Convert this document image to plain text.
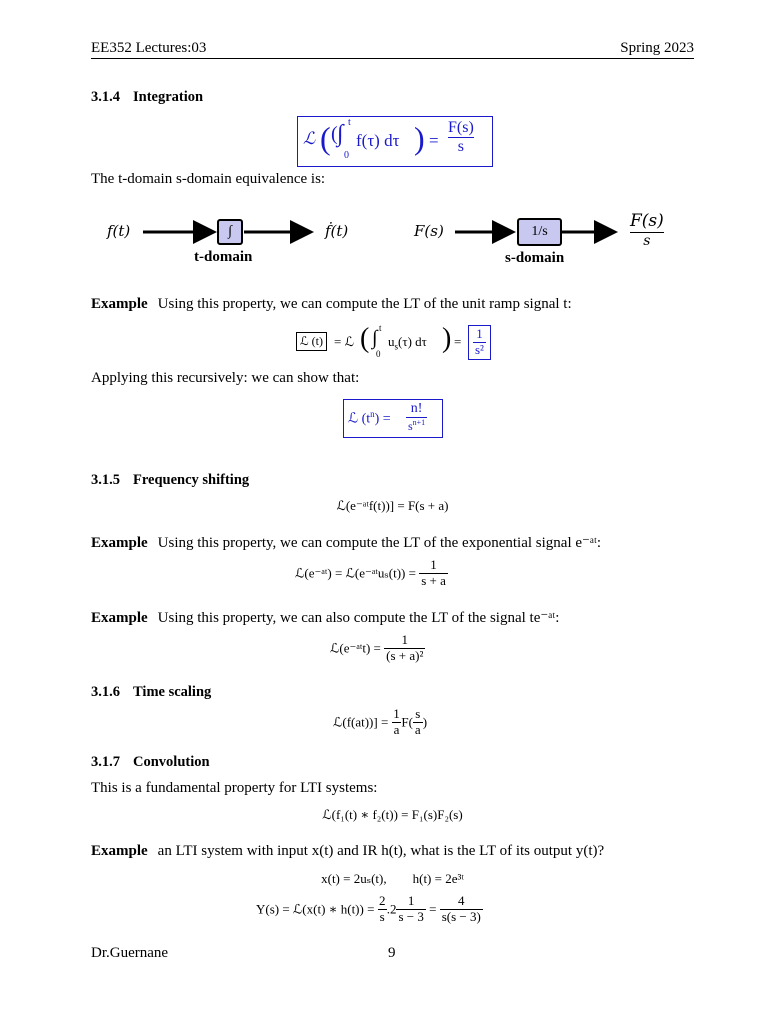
EE352 Lectures:03	Spring 2023
3.1.4 Integration
ℒ ( ( ∫ t
0
f(τ) dτ ) = $\frac{F(s)}{s}$
The t-domain s-domain equivalence is:
f(t)	∫	ḟ(t)
t-domain
F(s)	1/s
F(s)
s
s-domain
Example Using this property, we can compute the LT of the unit ramp signal t:
ℒ (t) = ℒ ( ∫ t
0
$u_s(\tau)$ dτ ) = $\frac{1}{\text{s²}}$
Applying this recursively: we can show that:
ℒ $(t^n) = \frac{n!}{s^{n+1}}$
3.1.5 Frequency shifting
ℒ(e⁻ᵃᵗf(t))] = F(s + a)
Example Using this property, we can compute the LT of the exponential signal e⁻ᵃᵗ:
ℒ(e⁻ᵃᵗ) = ℒ(e⁻ᵃᵗuₛ(t)) = $\frac{1}{s + a}$
Example Using this property, we can also compute the LT of the signal te⁻ᵃᵗ:
ℒ(e⁻ᵃᵗt) = $\frac{1}{\text{(s + a)²}}$
3.1.6 Time scaling
ℒ(f(at))] = $\frac{1}{a} F( \frac{s}{a}$ )
3.1.7 Convolution
This is a fundamental property for LTI systems:
ℒ(f₁(t) ∗ f₂(t)) = F₁(s)F₂(s)
Example an LTI system with input x(t) and IR h(t), what is the LT of its output y(t)?
x(t) = 2uₛ(t),        h(t) = 2e³ᵗ
Y(s) = ℒ(x(t) ∗ $h(t)) = \frac{2}{s} .2 \frac{1}{s - 3} = \frac{4}{s(s - 3)}$
Dr.Guernane	9
